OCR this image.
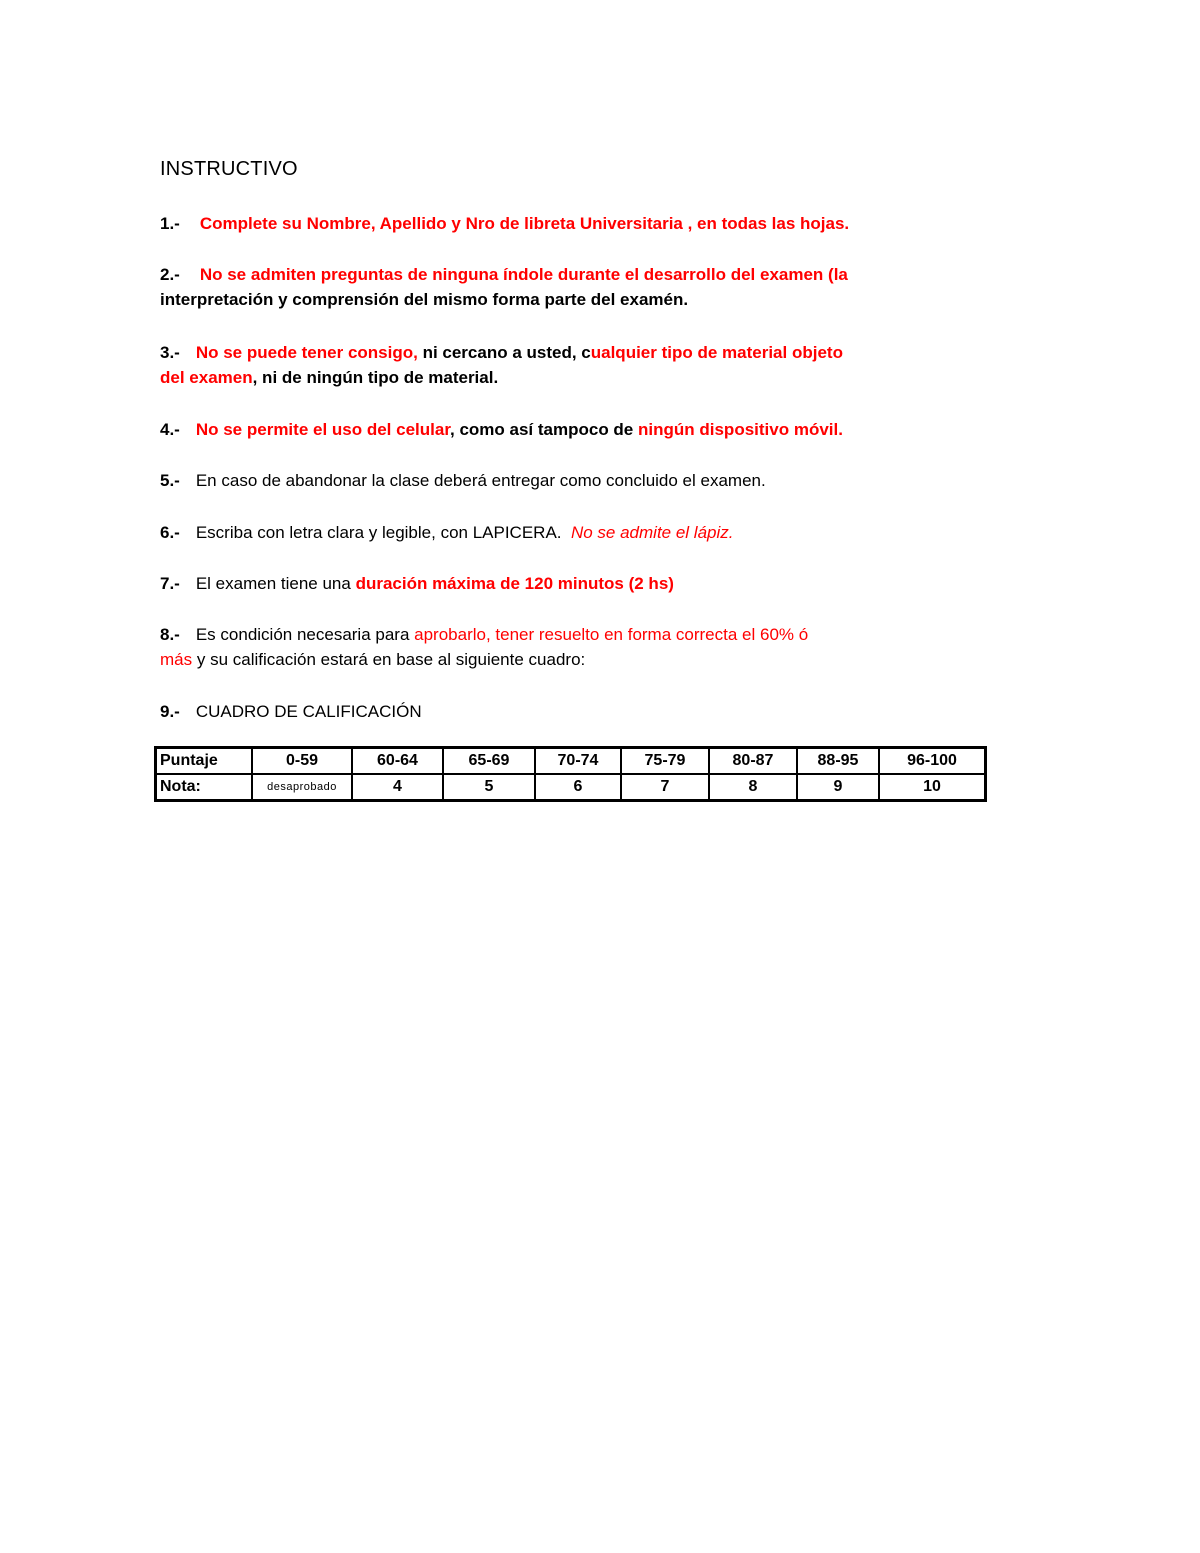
INSTRUCTIVO
1.- Complete su Nombre, Apellido y Nro de libreta Universitaria , en todas las hojas.
2.- No se admiten preguntas de ninguna índole durante el desarrollo del examen (la
interpretación y comprensión del mismo forma parte del examén.
3.- No se puede tener consigo, ni cercano a usted, cualquier tipo de material objeto
del examen, ni de ningún tipo de material.
4.- No se permite el uso del celular, como así tampoco de ningún dispositivo móvil.
5.- En caso de abandonar la clase deberá entregar como concluido el examen.
6.- Escriba con letra clara y legible, con LAPICERA. No se admite el lápiz.
7.- El examen tiene una duración máxima de 120 minutos (2 hs)
8.- Es condición necesaria para aprobarlo, tener resuelto en forma correcta el 60% ó
más y su calificación estará en base al siguiente cuadro:
9.- CUADRO DE CALIFICACIÓN
Puntaje	0-59	60-64	65-69	70-74	75-79	80-87	88-95	96-100
Nota:	desaprobado	4	5	6	7	8	9	10
